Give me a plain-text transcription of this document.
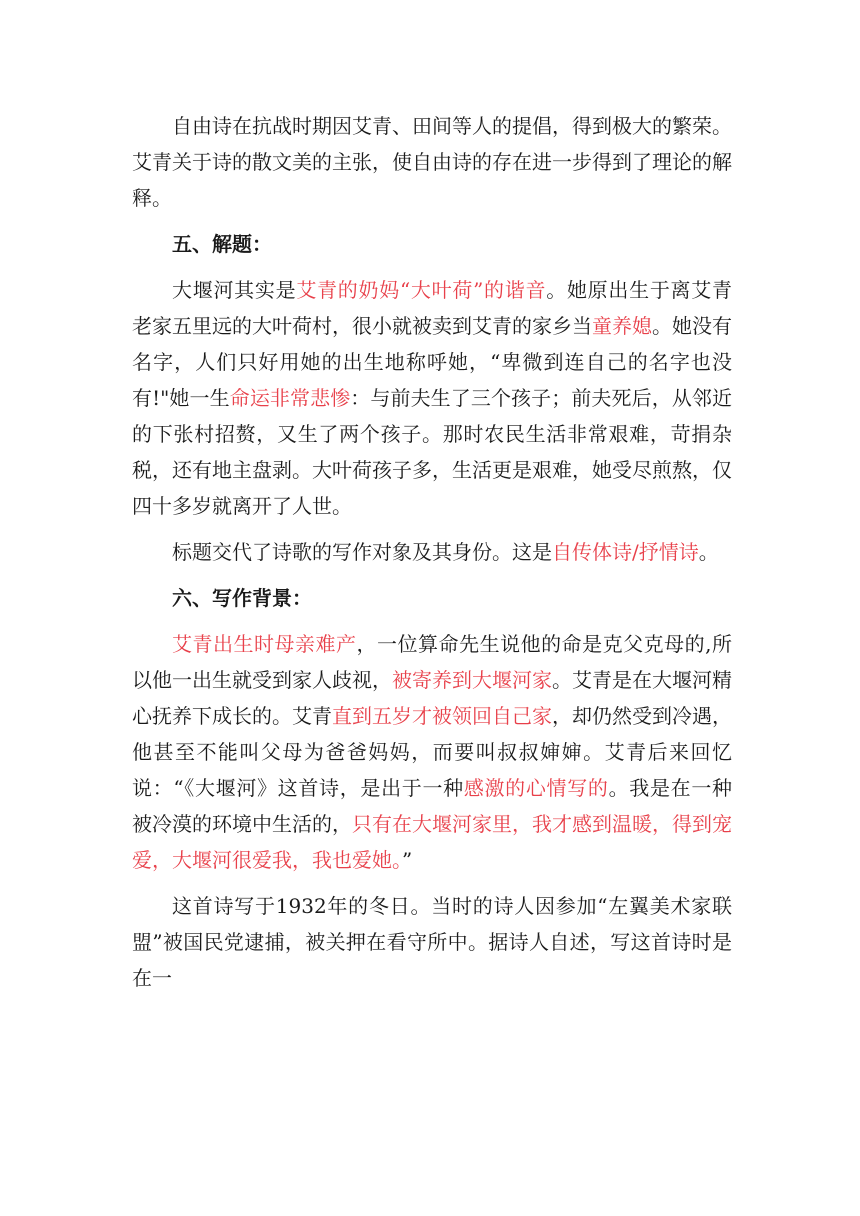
自由诗在抗战时期因艾青、田间等人的提倡，得到极大的繁荣。艾青关于诗的散文美的主张，使自由诗的存在进一步得到了理论的解释。

五、解题：

大堰河其实是艾青的奶妈“大叶荷”的谐音。她原出生于离艾青老家五里远的大叶荷村，很小就被卖到艾青的家乡当童养媳。她没有名字，人们只好用她的出生地称呼她，“卑微到连自己的名字也没有!"她一生命运非常悲惨：与前夫生了三个孩子；前夫死后，从邻近的下张村招赘，又生了两个孩子。那时农民生活非常艰难，苛捐杂税，还有地主盘剥。大叶荷孩子多，生活更是艰难，她受尽煎熬，仅四十多岁就离开了人世。

标题交代了诗歌的写作对象及其身份。这是自传体诗/抒情诗。

六、写作背景：

艾青出生时母亲难产，一位算命先生说他的命是克父克母的,所以他一出生就受到家人歧视，被寄养到大堰河家。艾青是在大堰河精心抚养下成长的。艾青直到五岁才被领回自己家，却仍然受到冷遇，他甚至不能叫父母为爸爸妈妈，而要叫叔叔婶婶。艾青后来回忆说：“《大堰河》这首诗，是出于一种感激的心情写的。我是在一种被冷漠的环境中生活的，只有在大堰河家里，我才感到温暖，得到宠爱，大堰河很爱我，我也爱她。”

这首诗写于1932年的冬日。当时的诗人因参加“左翼美术家联盟”被国民党逮捕，被关押在看守所中。据诗人自述，写这首诗时是在一
